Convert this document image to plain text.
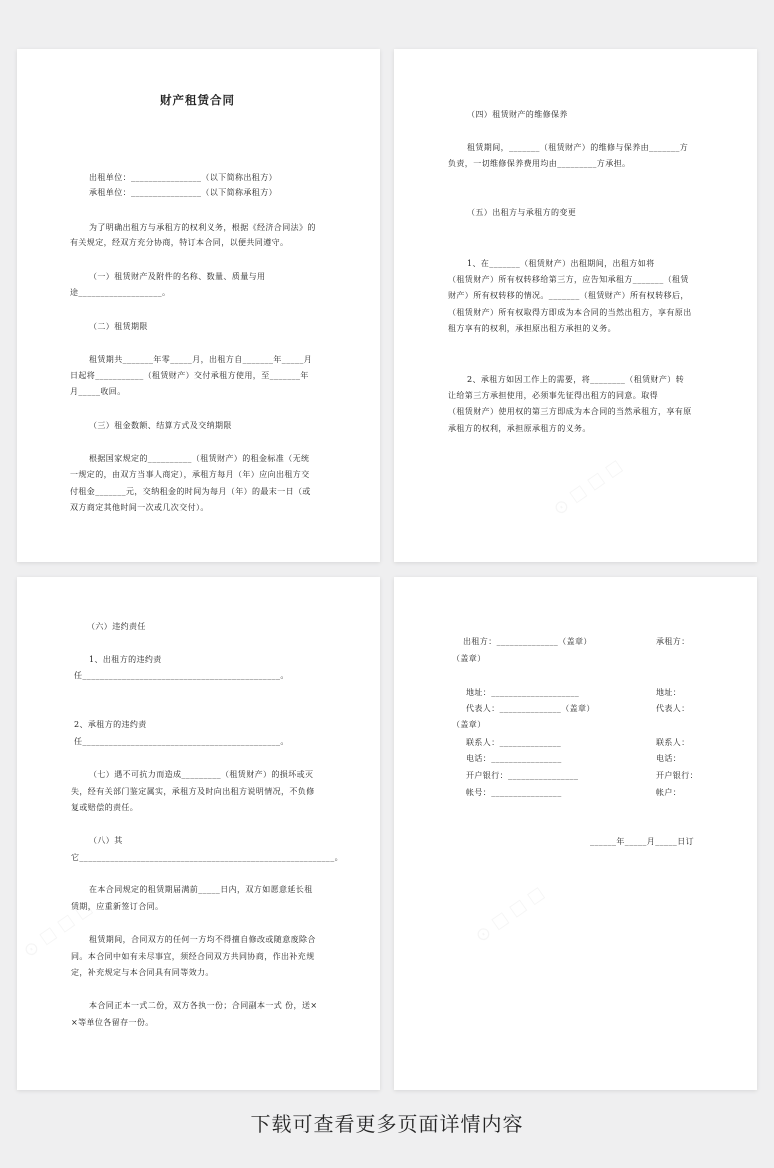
财产租赁合同
出租单位：________________（以下简称出租方）
承租单位：________________（以下简称承租方）
为了明确出租方与承租方的权利义务，根据《经济合同法》的
有关规定，经双方充分协商，特订本合同，以便共同遵守。
（一）租赁财产及附件的名称、数量、质量与用
途___________________。
（二）租赁期限
租赁期共_______年零_____月，出租方自_______年_____月
日起将___________（租赁财产）交付承租方使用，至_______年
月_____收回。
（三）租金数额、结算方式及交纳期限
根据国家规定的__________（租赁财产）的租金标准（无统
一规定的，由双方当事人商定），承租方每月（年）应向出租方交
付租金_______元，交纳租金的时间为每月（年）的最末一日（或
双方商定其他时间一次或几次交付）。
（四）租赁财产的维修保养
租赁期间，_______（租赁财产）的维修与保养由_______方
负责，一切维修保养费用均由_________方承担。
（五）出租方与承租方的变更
1、在_______（租赁财产）出租期间，出租方如将
（租赁财产）所有权转移给第三方，应告知承租方_______（租赁
财产）所有权转移的情况。_______（租赁财产）所有权转移后，
（租赁财产）所有权取得方即成为本合同的当然出租方，享有原出
租方享有的权利，承担原出租方承担的义务。
2、承租方如因工作上的需要，将________（租赁财产）转
让给第三方承担使用，必须事先征得出租方的同意。取得
（租赁财产）使用权的第三方即成为本合同的当然承租方，享有原
承租方的权利，承担原承租方的义务。
（六）违约责任
1、出租方的违约责
任_____________________________________________。
2、承租方的违约责
任_____________________________________________。
（七）遇不可抗力而造成_________（租赁财产）的损坏或灭
失，经有关部门鉴定属实，承租方及时向出租方说明情况，不负修
复或赔偿的责任。
（八）其
它__________________________________________________________。
在本合同规定的租赁期届满前_____日内，双方如愿意延长租
赁期，应重新签订合同。
租赁期间，合同双方的任何一方均不得擅自修改或随意废除合
同。本合同中如有未尽事宜，须经合同双方共同协商，作出补充规
定，补充规定与本合同具有同等效力。
本合同正本一式二份，双方各执一份；合同副本一式 份，送×
×等单位各留存一份。
出租方：______________（盖章）	承租方：
（盖章）
地址：____________________	地址：
代表人：______________（盖章）	代表人：
（盖章）
联系人：______________	联系人：
电话：________________	电话：
开户银行：________________	开户银行：
帐号：________________	帐户：
______年_____月_____日订
下载可查看更多页面详情内容
